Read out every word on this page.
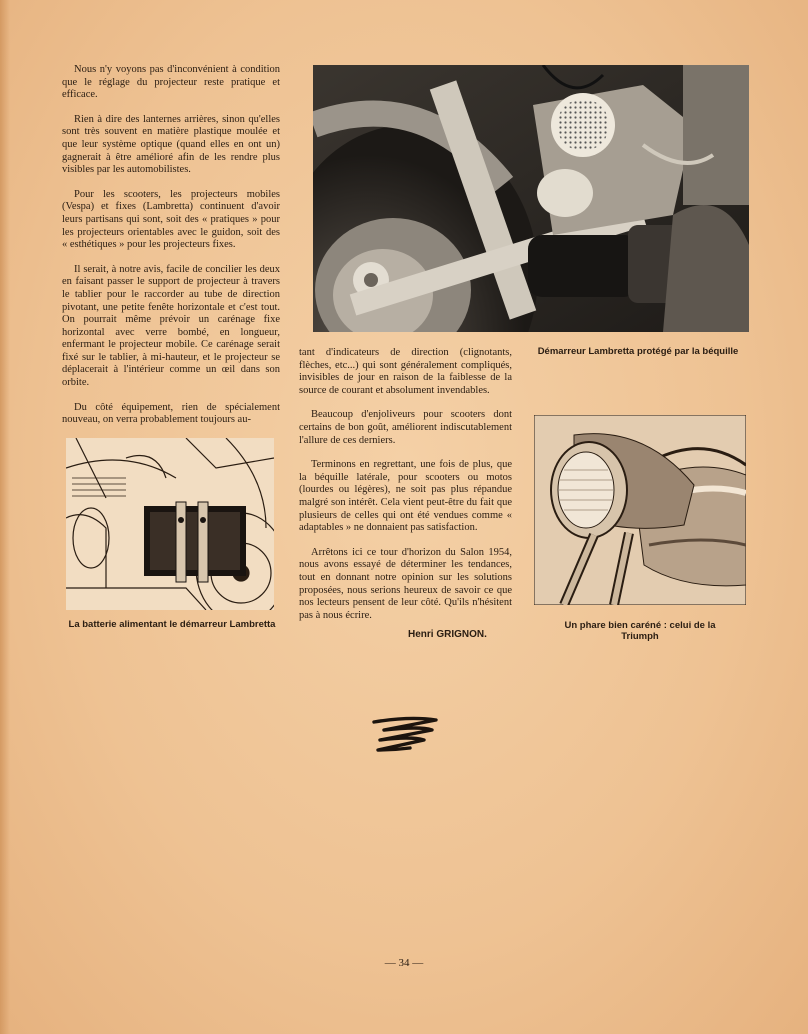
Nous n'y voyons pas d'inconvénient à condition que le réglage du projecteur reste pratique et efficace.

Rien à dire des lanternes arrières, sinon qu'elles sont très souvent en matière plastique moulée et que leur système optique (quand elles en ont un) gagnerait à être amélioré afin de les rendre plus visibles par les automobilistes.

Pour les scooters, les projecteurs mobiles (Vespa) et fixes (Lambretta) continuent d'avoir leurs partisans qui sont, soit des « pratiques » pour les projecteurs orientables avec le guidon, soit des « esthétiques » pour les projecteurs fixes.

Il serait, à notre avis, facile de concilier les deux en faisant passer le support de projecteur à travers le tablier pour le raccorder au tube de direction pivotant, une petite fenête horizontale et c'est tout. On pourrait même prévoir un carénage fixe horizontal avec verre bombé, en longueur, enfermant le projecteur mobile. Ce carénage serait fixé sur le tablier, à mi-hauteur, et le projecteur se déplacerait à l'intérieur comme un œil dans son orbite.

Du côté équipement, rien de spécialement nouveau, on verra probablement toujours au-

Démarreur Lambretta protégé par la béquille

tant d'indicateurs de direction (clignotants, flèches, etc...) qui sont généralement compliqués, invisibles de jour en raison de la faiblesse de la source de courant et absolument invendables.

Beaucoup d'enjoliveurs pour scooters dont certains de bon goût, améliorent indiscutablement l'allure de ces derniers.

Terminons en regrettant, une fois de plus, que la béquille latérale, pour scooters ou motos (lourdes ou légères), ne soit pas plus répandue malgré son intérêt. Cela vient peut-être du fait que plusieurs de celles qui ont été vendues comme « adaptables » ne donnaient pas satisfaction.

Arrêtons ici ce tour d'horizon du Salon 1954, nous avons essayé de déterminer les tendances, tout en donnant notre opinion sur les solutions proposées, nous serions heureux de savoir ce que nos lecteurs pensent de leur côté. Qu'ils n'hésitent pas à nous écrire.

Henri GRIGNON.
La batterie alimentant le démarreur Lambretta	Un phare bien caréné : celui de la Triumph
— 34 —
